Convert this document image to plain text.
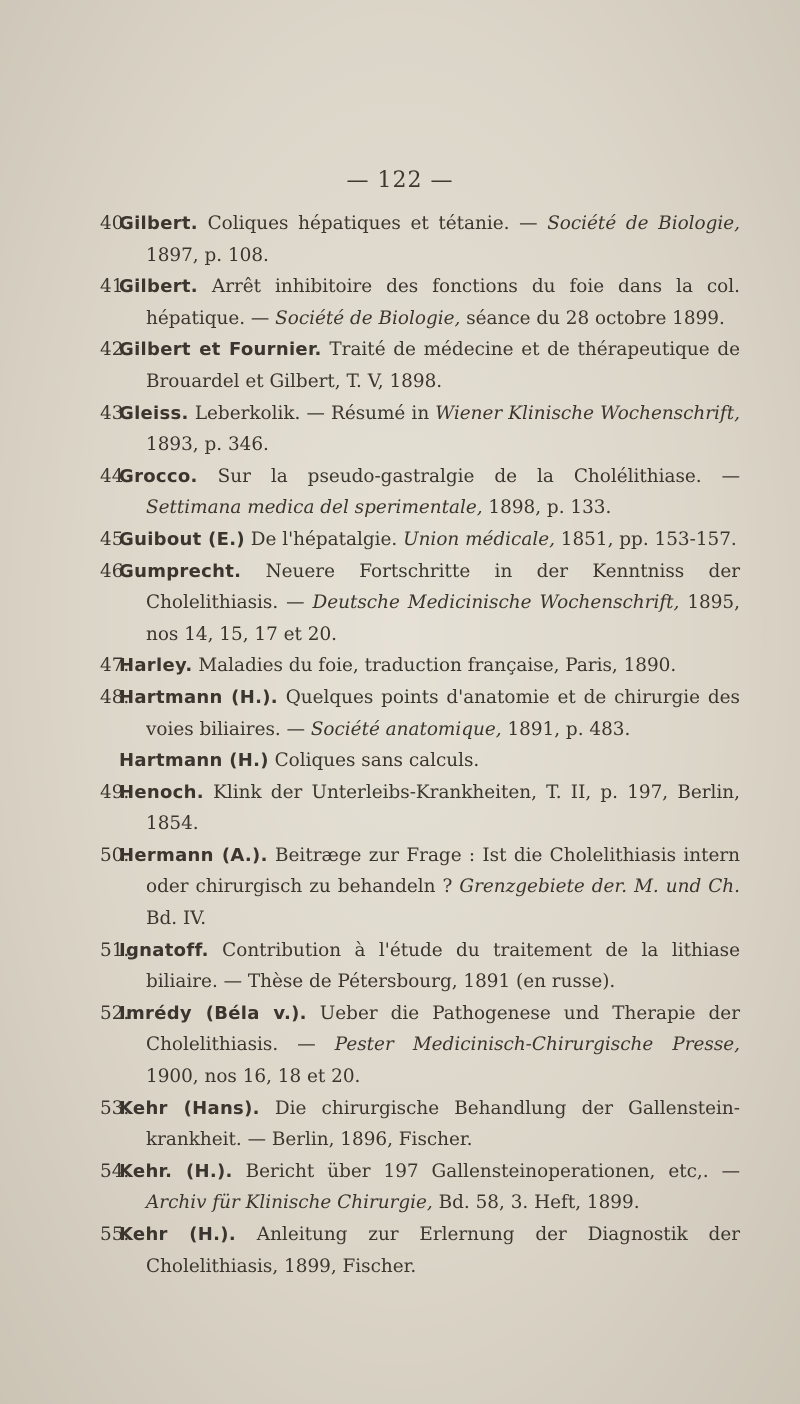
— 122 —
40 .
Gilbert. Coliques hépatiques et tétanie. — Société de Biologie, 1897, p. 108.
41 .
Gilbert. Arrêt inhibitoire des fonctions du foie dans la col. hépatique. — Société de Biologie, séance du 28 octobre 1899.
42 .
Gilbert et Fournier. Traité de médecine et de thérapeutique de Brouardel et Gilbert, T. V, 1898.
43 .
Gleiss. Leberkolik. — Résumé in Wiener Klinische Wochenschrift, 1893, p. 346.
44 .
Grocco. Sur la pseudo-gastralgie de la Cholélithiase. — Settimana medica del sperimentale, 1898, p. 133.
45 .
Guibout (E.) De l'hépatalgie. Union médicale, 1851, pp. 153-157.
46 .
Gumprecht. Neuere Fortschritte in der Kenntniss der Cholelithiasis. — Deutsche Medicinische Wochenschrift, 1895, nos 14, 15, 17 et 20.
47 .
Harley. Maladies du foie, traduction française, Paris, 1890.
48 .
Hartmann (H.). Quelques points d'anatomie et de chirurgie des voies biliaires. — Société anatomique, 1891, p. 483.
Hartmann (H.) Coliques sans calculs.
49 .
Henoch. Klink der Unterleibs-Krankheiten, T. II, p. 197, Berlin, 1854.
50 .
Hermann (A.). Beitræge zur Frage : Ist die Cholelithiasis intern oder chirurgisch zu behandeln ? Grenzgebiete der. M. und Ch. Bd. IV.
51 .
Ignatoff. Contribution à l'étude du traitement de la lithiase biliaire. — Thèse de Pétersbourg, 1891 (en russe).
52 .
Imrédy (Béla v.). Ueber die Pathogenese und Therapie der Cholelithiasis. — Pester Medicinisch-Chirurgische Presse, 1900, nos 16, 18 et 20.
53 .
Kehr (Hans). Die chirurgische Behandlung der Gallenstein-krankheit. — Berlin, 1896, Fischer.
54 .
Kehr. (H.). Bericht über 197 Gallensteinoperationen, etc,. — Archiv für Klinische Chirurgie, Bd. 58, 3. Heft, 1899.
55 .
Kehr (H.). Anleitung zur Erlernung der Diagnostik der Cholelithiasis, 1899, Fischer.
